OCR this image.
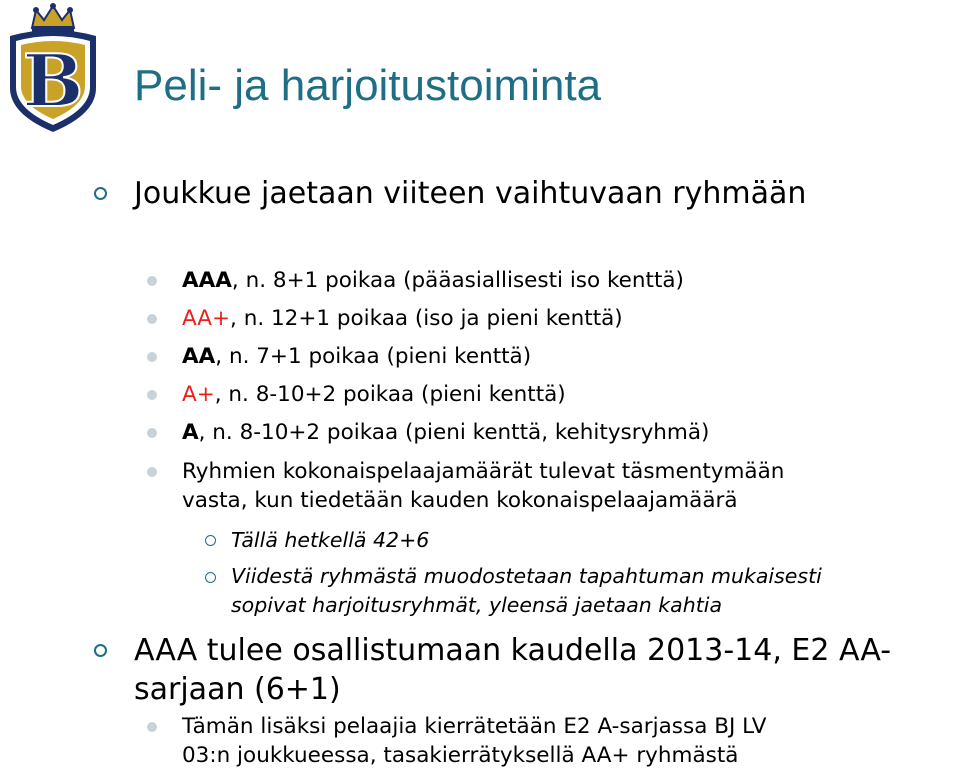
B Peli- ja harjoitustoiminta
Joukkue jaetaan viiteen vaihtuvaan ryhmään
AAA, n. 8+1 poikaa (pääasiallisesti iso kenttä)
AA+, n. 12+1 poikaa (iso ja pieni kenttä)
AA, n. 7+1 poikaa (pieni kenttä)
A+, n. 8-10+2 poikaa (pieni kenttä)
A, n. 8-10+2 poikaa (pieni kenttä, kehitysryhmä)
Ryhmien kokonaispelaajamäärät tulevat täsmentymään
vasta, kun tiedetään kauden kokonaispelaajamäärä
Tällä hetkellä 42+6
Viidestä ryhmästä muodostetaan tapahtuman mukaisesti
sopivat harjoitusryhmät, yleensä jaetaan kahtia
AAA tulee osallistumaan kaudella 2013-14, E2 AA-
sarjaan (6+1)
Tämän lisäksi pelaajia kierrätetään E2 A-sarjassa BJ LV
03:n joukkueessa, tasakierrätyksellä AA+ ryhmästä
